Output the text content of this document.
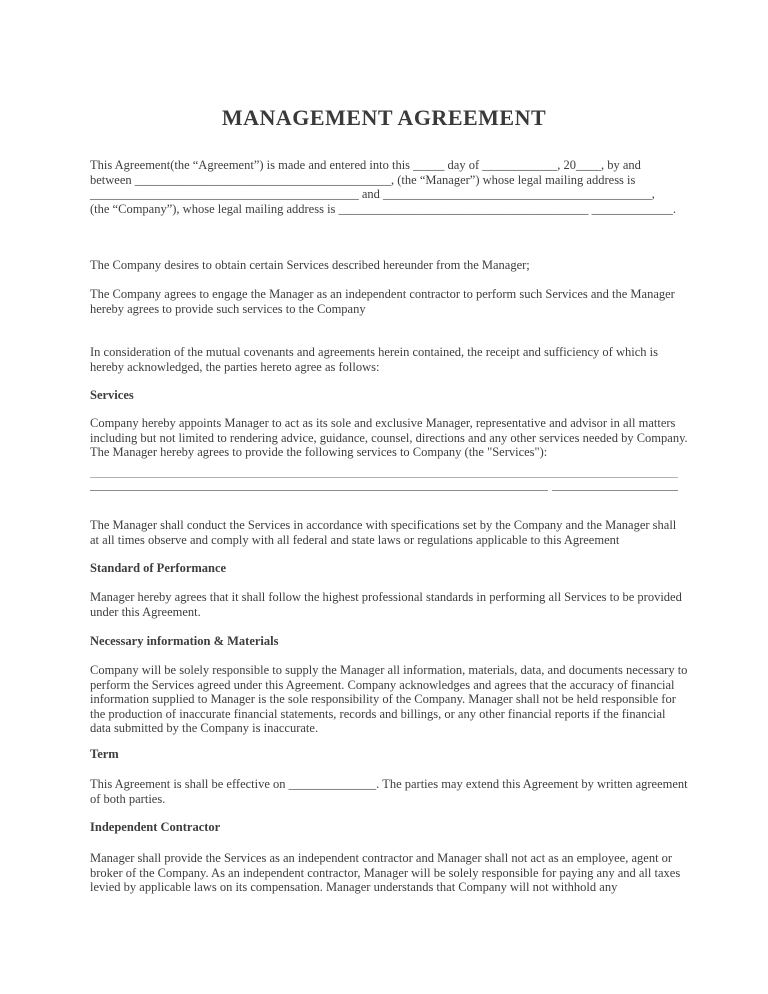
MANAGEMENT AGREEMENT
This Agreement(the “Agreement”) is made and entered into this _____ day of ____________, 20____, by and
between _________________________________________, (the “Manager”) whose legal mailing address is
___________________________________________ and ___________________________________________,
(the “Company”), whose legal mailing address is ________________________________________ _____________.
The Company desires to obtain certain Services described hereunder from the Manager;
The Company agrees to engage the Manager as an independent contractor to perform such Services and the Manager hereby agrees to provide such services to the Company
In consideration of the mutual covenants and agreements herein contained, the receipt and sufficiency of which is hereby acknowledged, the parties hereto agree as follows:
Services
Company hereby appoints Manager to act as its sole and exclusive Manager, representative and advisor in all matters including but not limited to rendering advice, guidance, counsel, directions and any other services needed by Company. The Manager hereby agrees to provide the following services to Company (the "Services"):
The Manager shall conduct the Services in accordance with specifications set by the Company and the Manager shall at all times observe and comply with all federal and state laws or regulations applicable to this Agreement
Standard of Performance
Manager hereby agrees that it shall follow the highest professional standards in performing all Services to be provided under this Agreement.
Necessary information & Materials
Company will be solely responsible to supply the Manager all information, materials, data, and documents necessary to perform the Services agreed under this Agreement. Company acknowledges and agrees that the accuracy of financial information supplied to Manager is the sole responsibility of the Company. Manager shall not be held responsible for the production of inaccurate financial statements, records and billings, or any other financial reports if the financial data submitted by the Company is inaccurate.
Term
This Agreement is shall be effective on ______________. The parties may extend this Agreement by written agreement of both parties.
Independent Contractor
Manager shall provide the Services as an independent contractor and Manager shall not act as an employee, agent or broker of the Company. As an independent contractor, Manager will be solely responsible for paying any and all taxes levied by applicable laws on its compensation. Manager understands that Company will not withhold any
